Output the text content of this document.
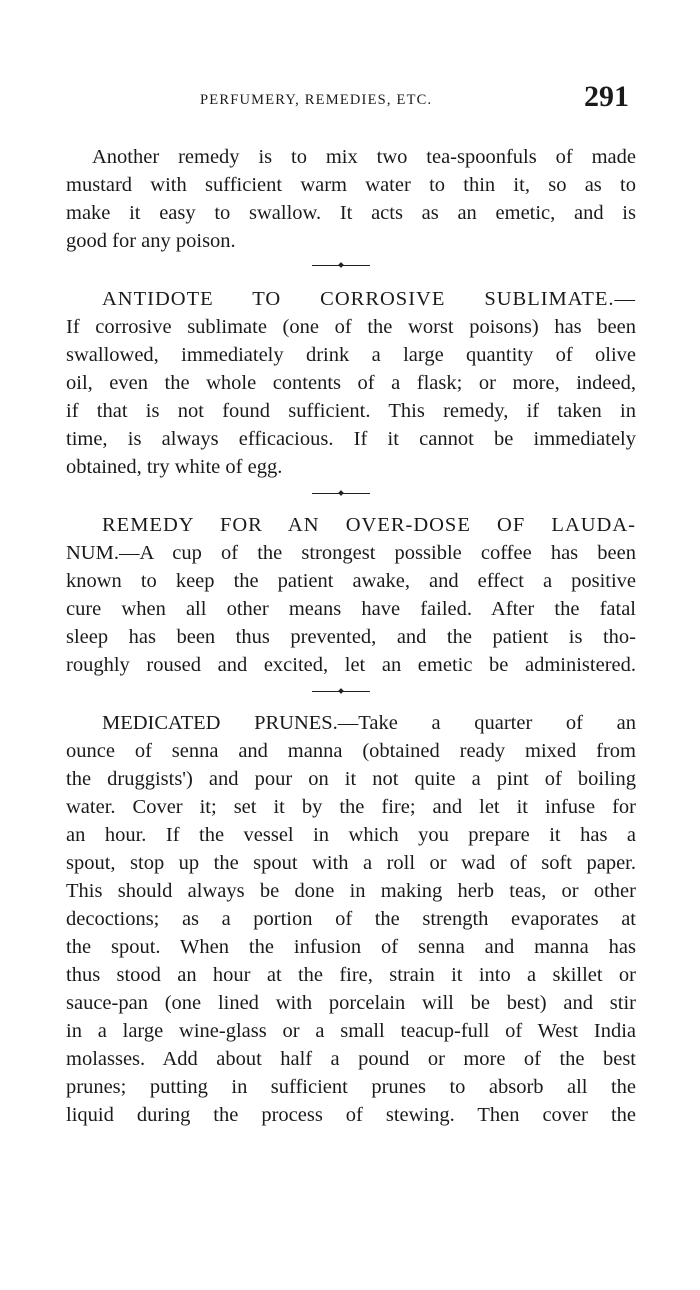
PERFUMERY, REMEDIES, ETC.	291
Another remedy is to mix two tea-spoonfuls of made
mustard with sufficient warm water to thin it, so as to
make it easy to swallow. It acts as an emetic, and is
good for any poison.
ANTIDOTE TO CORROSIVE SUBLIMATE.—
If corrosive sublimate (one of the worst poisons) has been
swallowed, immediately drink a large quantity of olive
oil, even the whole contents of a flask; or more, indeed,
if that is not found sufficient. This remedy, if taken in
time, is always efficacious. If it cannot be immediately
obtained, try white of egg.
REMEDY FOR AN OVER-DOSE OF LAUDA-
NUM.—A cup of the strongest possible coffee has been
known to keep the patient awake, and effect a positive
cure when all other means have failed. After the fatal
sleep has been thus prevented, and the patient is tho-
roughly roused and excited, let an emetic be administered.
MEDICATED PRUNES.—Take a quarter of an
ounce of senna and manna (obtained ready mixed from
the druggists') and pour on it not quite a pint of boiling
water. Cover it; set it by the fire; and let it infuse for
an hour. If the vessel in which you prepare it has a
spout, stop up the spout with a roll or wad of soft paper.
This should always be done in making herb teas, or other
decoctions; as a portion of the strength evaporates at
the spout. When the infusion of senna and manna has
thus stood an hour at the fire, strain it into a skillet or
sauce-pan (one lined with porcelain will be best) and stir
in a large wine-glass or a small teacup-full of West India
molasses. Add about half a pound or more of the best
prunes; putting in sufficient prunes to absorb all the
liquid during the process of stewing. Then cover the
